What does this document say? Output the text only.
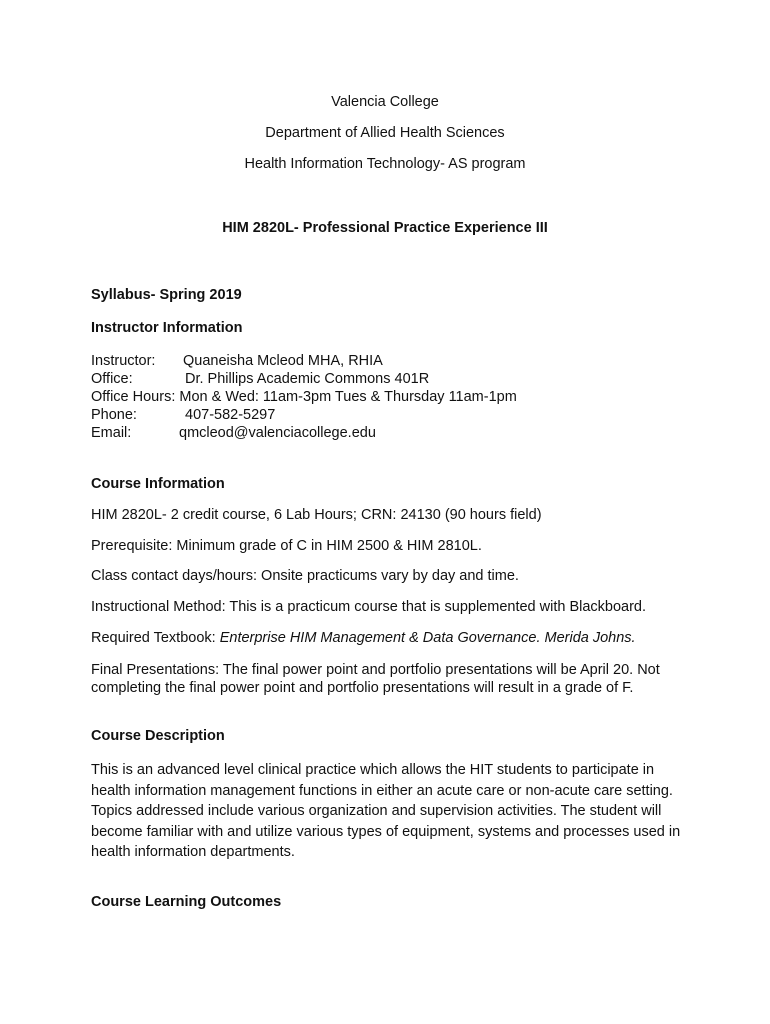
Valencia College
Department of Allied Health Sciences
Health Information Technology- AS program
HIM 2820L- Professional Practice Experience III
Syllabus- Spring 2019
Instructor Information
Instructor: Quaneisha Mcleod MHA, RHIA
Office:	Dr. Phillips Academic Commons 401R
Office Hours: Mon & Wed: 11am-3pm Tues & Thursday 11am-1pm
Phone:	407-582-5297
Email:	qmcleod@valenciacollege.edu
Course Information
HIM 2820L- 2 credit course, 6 Lab Hours; CRN: 24130 (90 hours field)
Prerequisite: Minimum grade of C in HIM 2500 & HIM 2810L.
Class contact days/hours: Onsite practicums vary by day and time.
Instructional Method: This is a practicum course that is supplemented with Blackboard.
Required Textbook: Enterprise HIM Management & Data Governance. Merida Johns.
Final Presentations: The final power point and portfolio presentations will be April 20. Not completing the final power point and portfolio presentations will result in a grade of F.
Course Description
This is an advanced level clinical practice which allows the HIT students to participate in health information management functions in either an acute care or non-acute care setting. Topics addressed include various organization and supervision activities. The student will become familiar with and utilize various types of equipment, systems and processes used in health information departments.
Course Learning Outcomes
